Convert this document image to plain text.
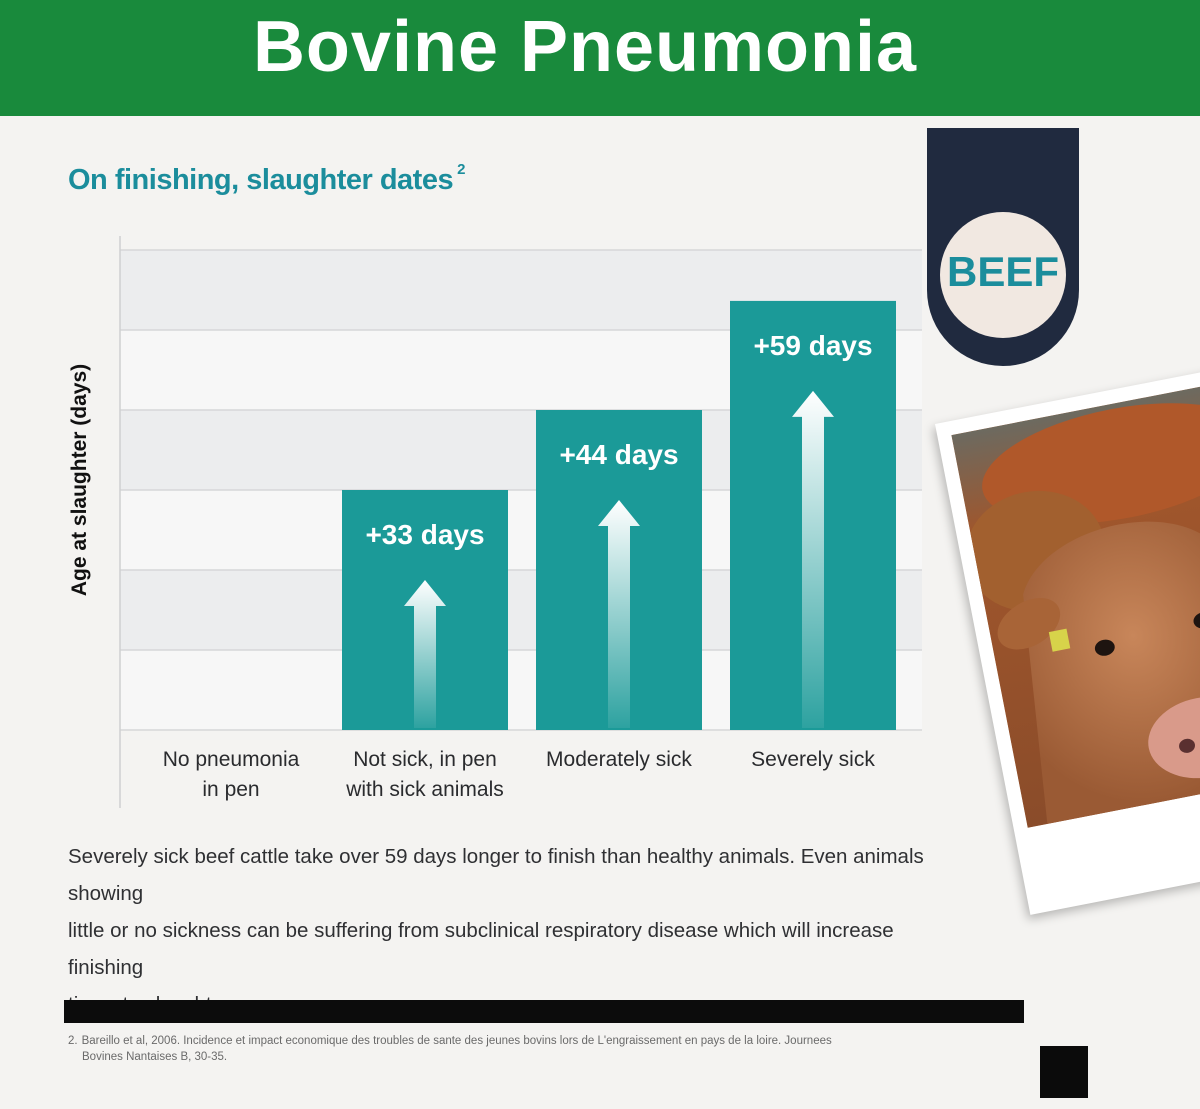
Bovine Pneumonia
On finishing, slaughter dates $^2$
BEEF
Age at slaughter (days)	+33 days
+44 days
+59 days
No pneumonia
in pen
Not sick, in pen
with sick animals
Moderately sick	Severely sick

Severely sick beef cattle take over 59 days longer to finish than healthy animals. Even animals showing
little or no sickness can be suffering from subclinical respiratory disease which will increase finishing

2. Bareillo et al, 2006. Incidence et impact economique des troubles de sante des jeunes bovins lors de L'engraissement en pays de la loire. Journees
Bovines Nantaises B, 30-35.
